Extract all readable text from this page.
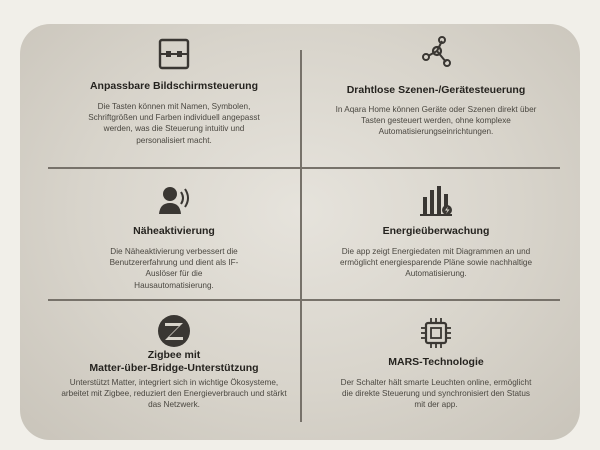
Anpassbare Bildschirmsteuerung
Die Tasten können mit Namen, Symbolen, Schriftgrößen und Farben individuell angepasst werden, was die Steuerung intuitiv und personalisiert macht.
Drahtlose Szenen-/Gerätesteuerung
In Aqara Home können Geräte oder Szenen direkt über Tasten gesteuert werden, ohne komplexe Automatisierungseinrichtungen.
Näheaktivierung
Die Näheaktivierung verbessert die Benutzererfahrung und dient als IF-Auslöser für die Hausautomatisierung.
Energieüberwachung
Die app zeigt Energiedaten mit Diagrammen an und ermöglicht energiesparende Pläne sowie nachhaltige Automatisierung.
Zigbee mit
Matter-über-Bridge-Unterstützung
Unterstützt Matter, integriert sich in wichtige Ökosysteme, arbeitet mit Zigbee, reduziert den Energieverbrauch und stärkt das Netzwerk.
MARS-Technologie
Der Schalter hält smarte Leuchten online, ermöglicht die direkte Steuerung und synchronisiert den Status mit der app.
